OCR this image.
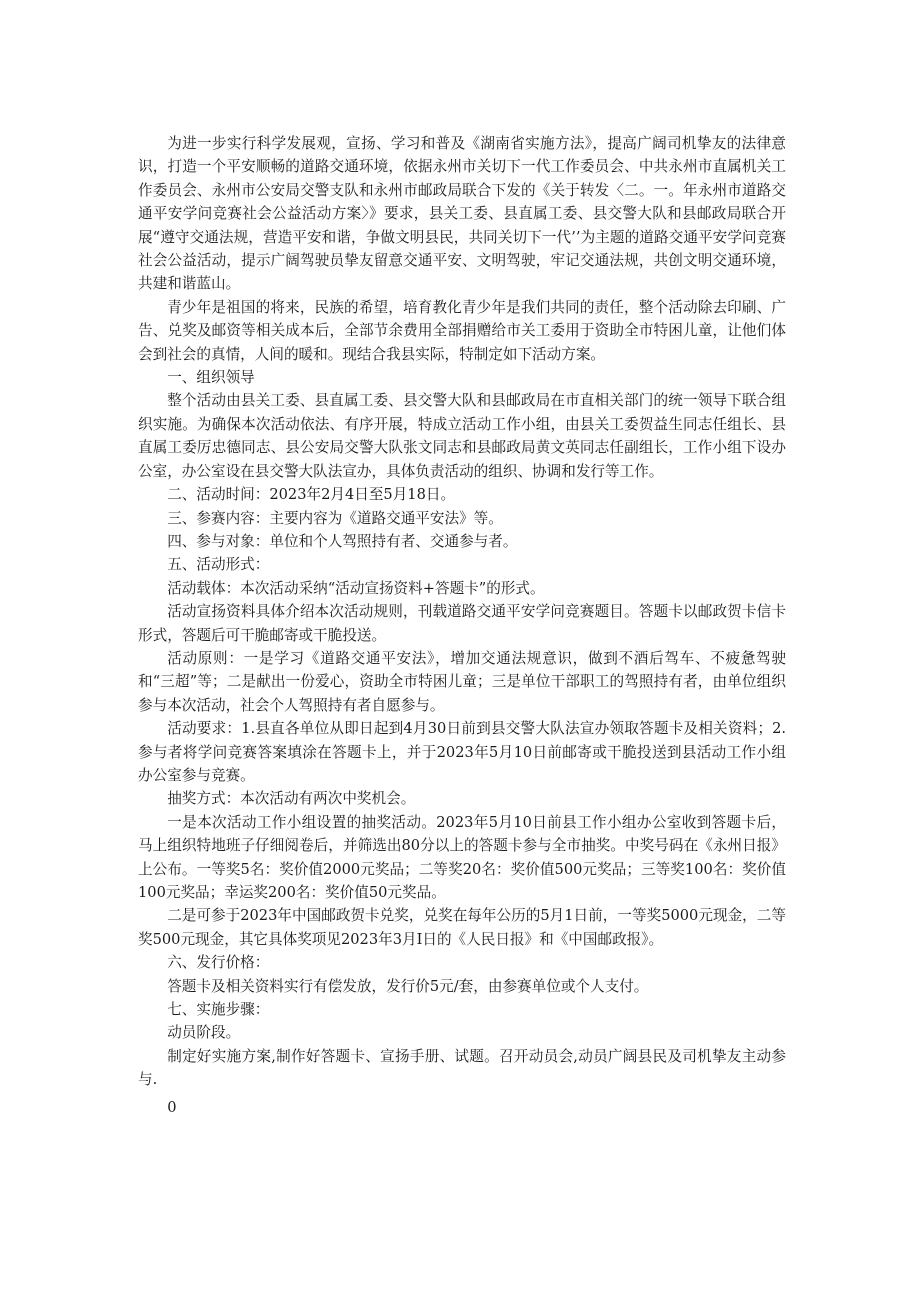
为进一步实行科学发展观，宣扬、学习和普及《湖南省实施方法》，提高广阔司机挚友的法律意识，打造一个平安顺畅的道路交通环境，依据永州市关切下一代工作委员会、中共永州市直属机关工作委员会、永州市公安局交警支队和永州市邮政局联合下发的《关于转发〈二。一。年永州市道路交通平安学问竞赛社会公益活动方案〉》要求，县关工委、县直属工委、县交警大队和县邮政局联合开展“遵守交通法规，营造平安和谐，争做文明县民，共同关切下一代’’为主题的道路交通平安学问竞赛社会公益活动，提示广阔驾驶员挚友留意交通平安、文明驾驶，牢记交通法规，共创文明交通环境，共建和谐蓝山。

青少年是祖国的将来，民族的希望，培育教化青少年是我们共同的责任，整个活动除去印刷、广告、兑奖及邮资等相关成本后，全部节余费用全部捐赠给市关工委用于资助全市特困儿童，让他们体会到社会的真情，人间的暖和。现结合我县实际，特制定如下活动方案。

一、组织领导

整个活动由县关工委、县直属工委、县交警大队和县邮政局在市直相关部门的统一领导下联合组织实施。为确保本次活动依法、有序开展，特成立活动工作小组，由县关工委贺益生同志任组长、县直属工委厉忠德同志、县公安局交警大队张文同志和县邮政局黄文英同志任副组长，工作小组下设办公室，办公室设在县交警大队法宣办，具体负责活动的组织、协调和发行等工作。

二、活动时间：2023年2月4日至5月18日。

三、参赛内容：主要内容为《道路交通平安法》等。

四、参与对象：单位和个人驾照持有者、交通参与者。

五、活动形式：

活动载体：本次活动采纳“活动宣扬资料+答题卡”的形式。

活动宣扬资料具体介绍本次活动规则，刊载道路交通平安学问竞赛题目。答题卡以邮政贺卡信卡形式，答题后可干脆邮寄或干脆投送。

活动原则：一是学习《道路交通平安法》，增加交通法规意识，做到不酒后驾车、不疲惫驾驶和“三超”等；二是献出一份爱心，资助全市特困儿童；三是单位干部职工的驾照持有者，由单位组织参与本次活动，社会个人驾照持有者自愿参与。

活动要求：1.县直各单位从即日起到4月30日前到县交警大队法宣办领取答题卡及相关资料；2.参与者将学问竞赛答案填涂在答题卡上，并于2023年5月10日前邮寄或干脆投送到县活动工作小组办公室参与竞赛。

抽奖方式：本次活动有两次中奖机会。

一是本次活动工作小组设置的抽奖活动。2023年5月10日前县工作小组办公室收到答题卡后，马上组织特地班子仔细阅卷后，并筛选出80分以上的答题卡参与全市抽奖。中奖号码在《永州日报》上公布。一等奖5名：奖价值2000元奖品；二等奖20名：奖价值500元奖品；三等奖100名：奖价值100元奖品；幸运奖200名：奖价值50元奖品。

二是可参于2023年中国邮政贺卡兑奖，兑奖在每年公历的5月1日前，一等奖5000元现金，二等奖500元现金，其它具体奖项见2023年3月I日的《人民日报》和《中国邮政报》。

六、发行价格：

答题卡及相关资料实行有偿发放，发行价5元/套，由参赛单位或个人支付。

七、实施步骤：

动员阶段。

制定好实施方案,制作好答题卡、宣扬手册、试题。召开动员会,动员广阔县民及司机挚友主动参与.

0
